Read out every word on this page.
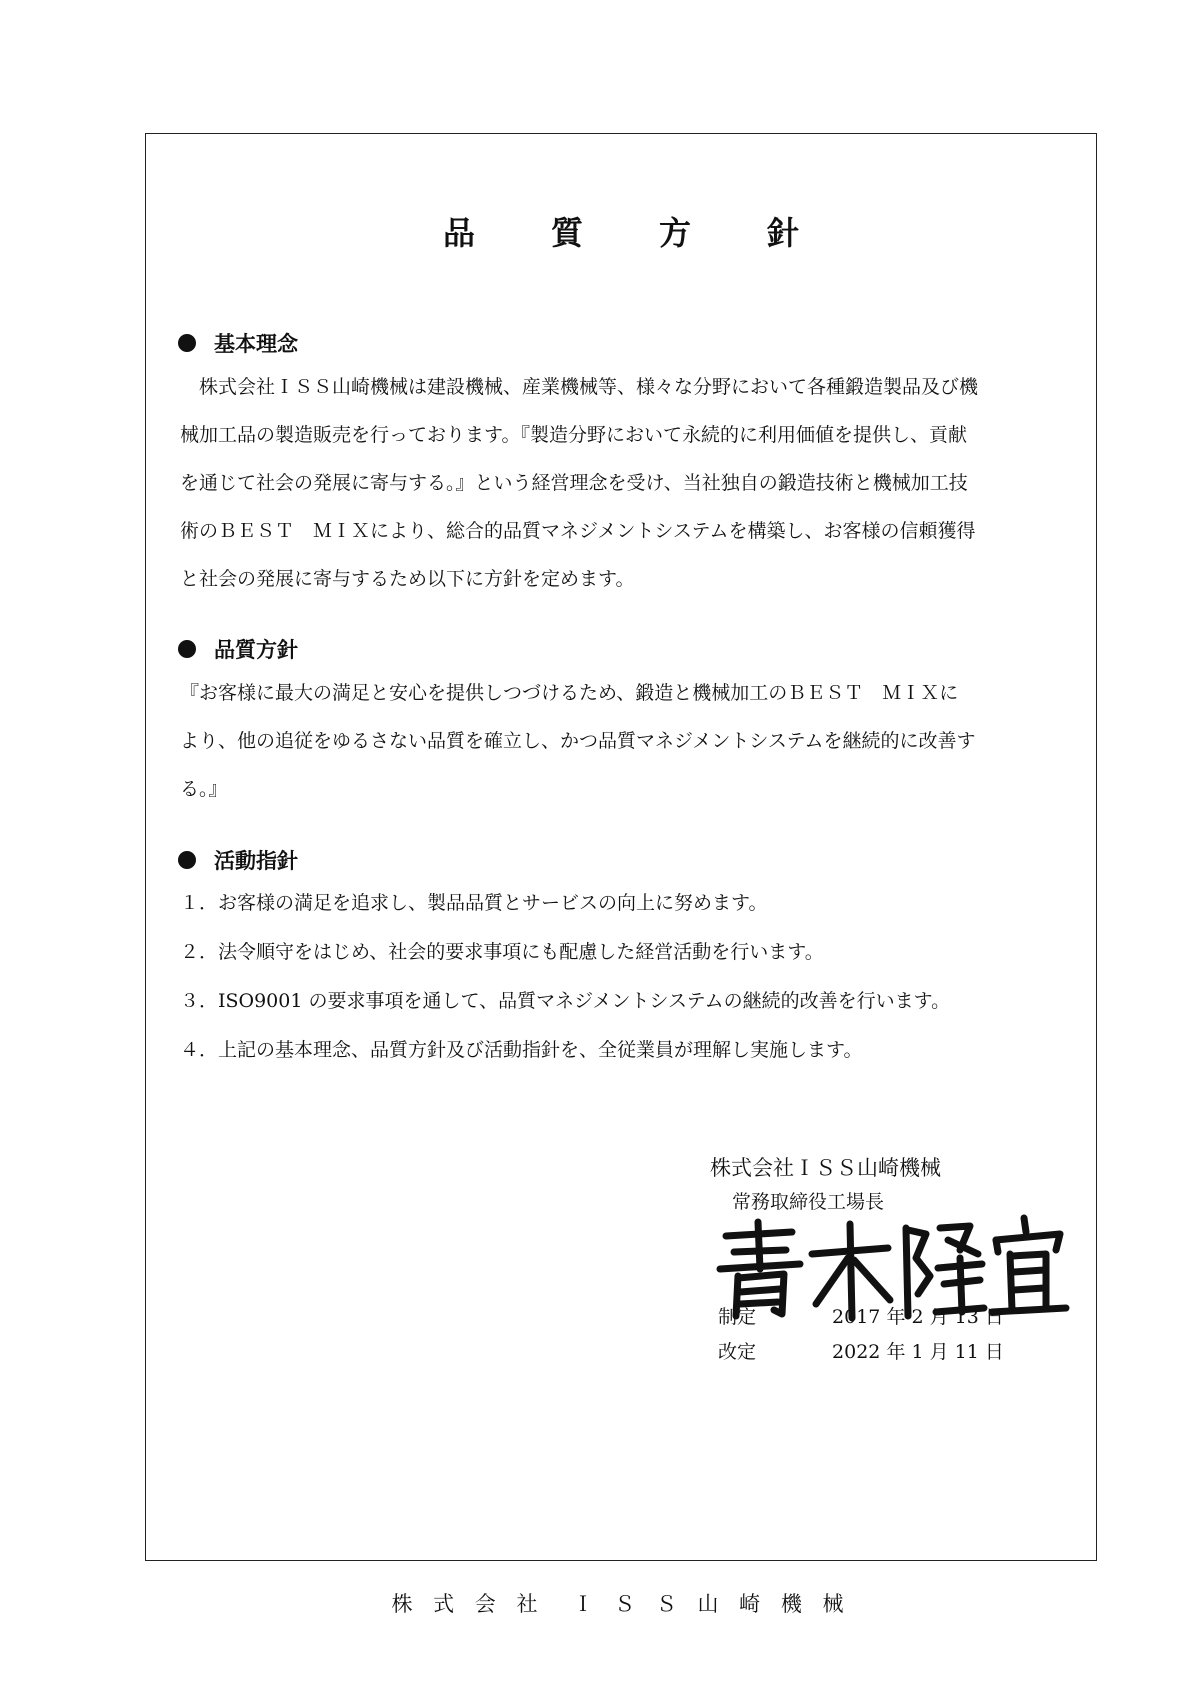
品　質　方　針
基本理念

　株式会社ＩＳＳ山崎機械は建設機械、産業機械等、様々な分野において各種鍛造製品及び機

械加工品の製造販売を行っております。『製造分野において永続的に利用価値を提供し、貢献

を通じて社会の発展に寄与する。』という経営理念を受け、当社独自の鍛造技術と機械加工技

術のＢＥＳＴ　ＭＩＸにより、総合的品質マネジメントシステムを構築し、お客様の信頼獲得

と社会の発展に寄与するため以下に方針を定めます。

品質方針

『お客様に最大の満足と安心を提供しつづけるため、鍛造と機械加工のＢＥＳＴ　ＭＩＸに

より、他の追従をゆるさない品質を確立し、かつ品質マネジメントシステムを継続的に改善す

る。』

活動指針

１．お客様の満足を追求し、製品品質とサービスの向上に努めます。

２．法令順守をはじめ、社会的要求事項にも配慮した経営活動を行います。

３．ISO9001 の要求事項を通して、品質マネジメントシステムの継続的改善を行います。

４．上記の基本理念、品質方針及び活動指針を、全従業員が理解し実施します。

株式会社ＩＳＳ山崎機械

常務取締役工場長

制定	2017 年 2 月 13 日

改定	2022 年 1 月 11 日

株 式 会 社　Ｉ Ｓ Ｓ 山 崎 機 械
